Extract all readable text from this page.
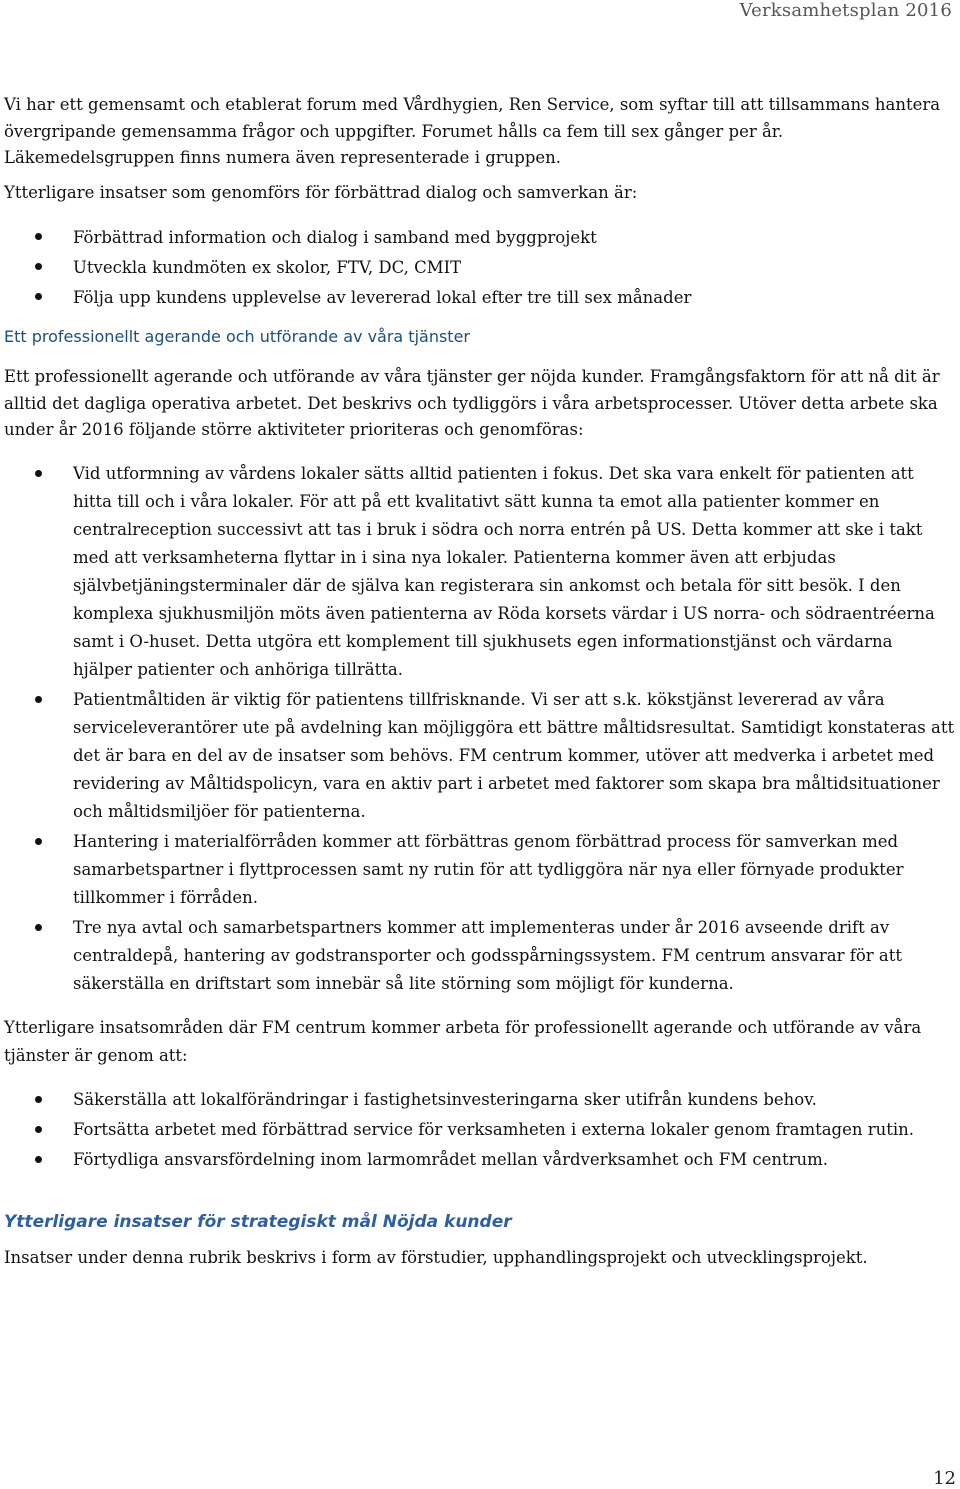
Verksamhetsplan 2016

Vi har ett gemensamt och etablerat forum med Vårdhygien, Ren Service, som syftar till att tillsammans hantera övergripande gemensamma frågor och uppgifter. Forumet hålls ca fem till sex gånger per år. Läkemedelsgruppen finns numera även representerade i gruppen.

Ytterligare insatser som genomförs för förbättrad dialog och samverkan är:

Förbättrad information och dialog i samband med byggprojekt
Utveckla kundmöten ex skolor, FTV, DC, CMIT
Följa upp kundens upplevelse av levererad lokal efter tre till sex månader
Ett professionellt agerande och utförande av våra tjänster

Ett professionellt agerande och utförande av våra tjänster ger nöjda kunder. Framgångsfaktorn för att nå dit är alltid det dagliga operativa arbetet. Det beskrivs och tydliggörs i våra arbetsprocesser. Utöver detta arbete ska under år 2016 följande större aktiviteter prioriteras och genomföras:

Vid utformning av vårdens lokaler sätts alltid patienten i fokus. Det ska vara enkelt för patienten att hitta till och i våra lokaler. För att på ett kvalitativt sätt kunna ta emot alla patienter kommer en centralreception successivt att tas i bruk i södra och norra entrén på US. Detta kommer att ske i takt med att verksamheterna flyttar in i sina nya lokaler. Patienterna kommer även att erbjudas självbetjäningsterminaler där de själva kan registerara sin ankomst och betala för sitt besök. I den komplexa sjukhusmiljön möts även patienterna av Röda korsets värdar i US norra- och södraentréerna samt i O-huset. Detta utgöra ett komplement till sjukhusets egen informationstjänst och värdarna hjälper patienter och anhöriga tillrätta.
Patientmåltiden är viktig för patientens tillfrisknande. Vi ser att s.k. kökstjänst levererad av våra serviceleverantörer ute på avdelning kan möjliggöra ett bättre måltidsresultat. Samtidigt konstateras att det är bara en del av de insatser som behövs. FM centrum kommer, utöver att medverka i arbetet med revidering av Måltidspolicyn, vara en aktiv part i arbetet med faktorer som skapa bra måltidsituationer och måltidsmiljöer för patienterna.
Hantering i materialförråden kommer att förbättras genom förbättrad process för samverkan med samarbetspartner i flyttprocessen samt ny rutin för att tydliggöra när nya eller förnyade produkter tillkommer i förråden.
Tre nya avtal och samarbetspartners kommer att implementeras under år 2016 avseende drift av centraldepå, hantering av godstransporter och godsspårningssystem. FM centrum ansvarar för att säkerställa en driftstart som innebär så lite störning som möjligt för kunderna.

Ytterligare insatsområden där FM centrum kommer arbeta för professionellt agerande och utförande av våra tjänster är genom att:

Säkerställa att lokalförändringar i fastighetsinvesteringarna sker utifrån kundens behov.
Fortsätta arbetet med förbättrad service för verksamheten i externa lokaler genom framtagen rutin.
Förtydliga ansvarsfördelning inom larmområdet mellan vårdverksamhet och FM centrum.
Ytterligare insatser för strategiskt mål Nöjda kunder

Insatser under denna rubrik beskrivs i form av förstudier, upphandlingsprojekt och utvecklingsprojekt.

12
